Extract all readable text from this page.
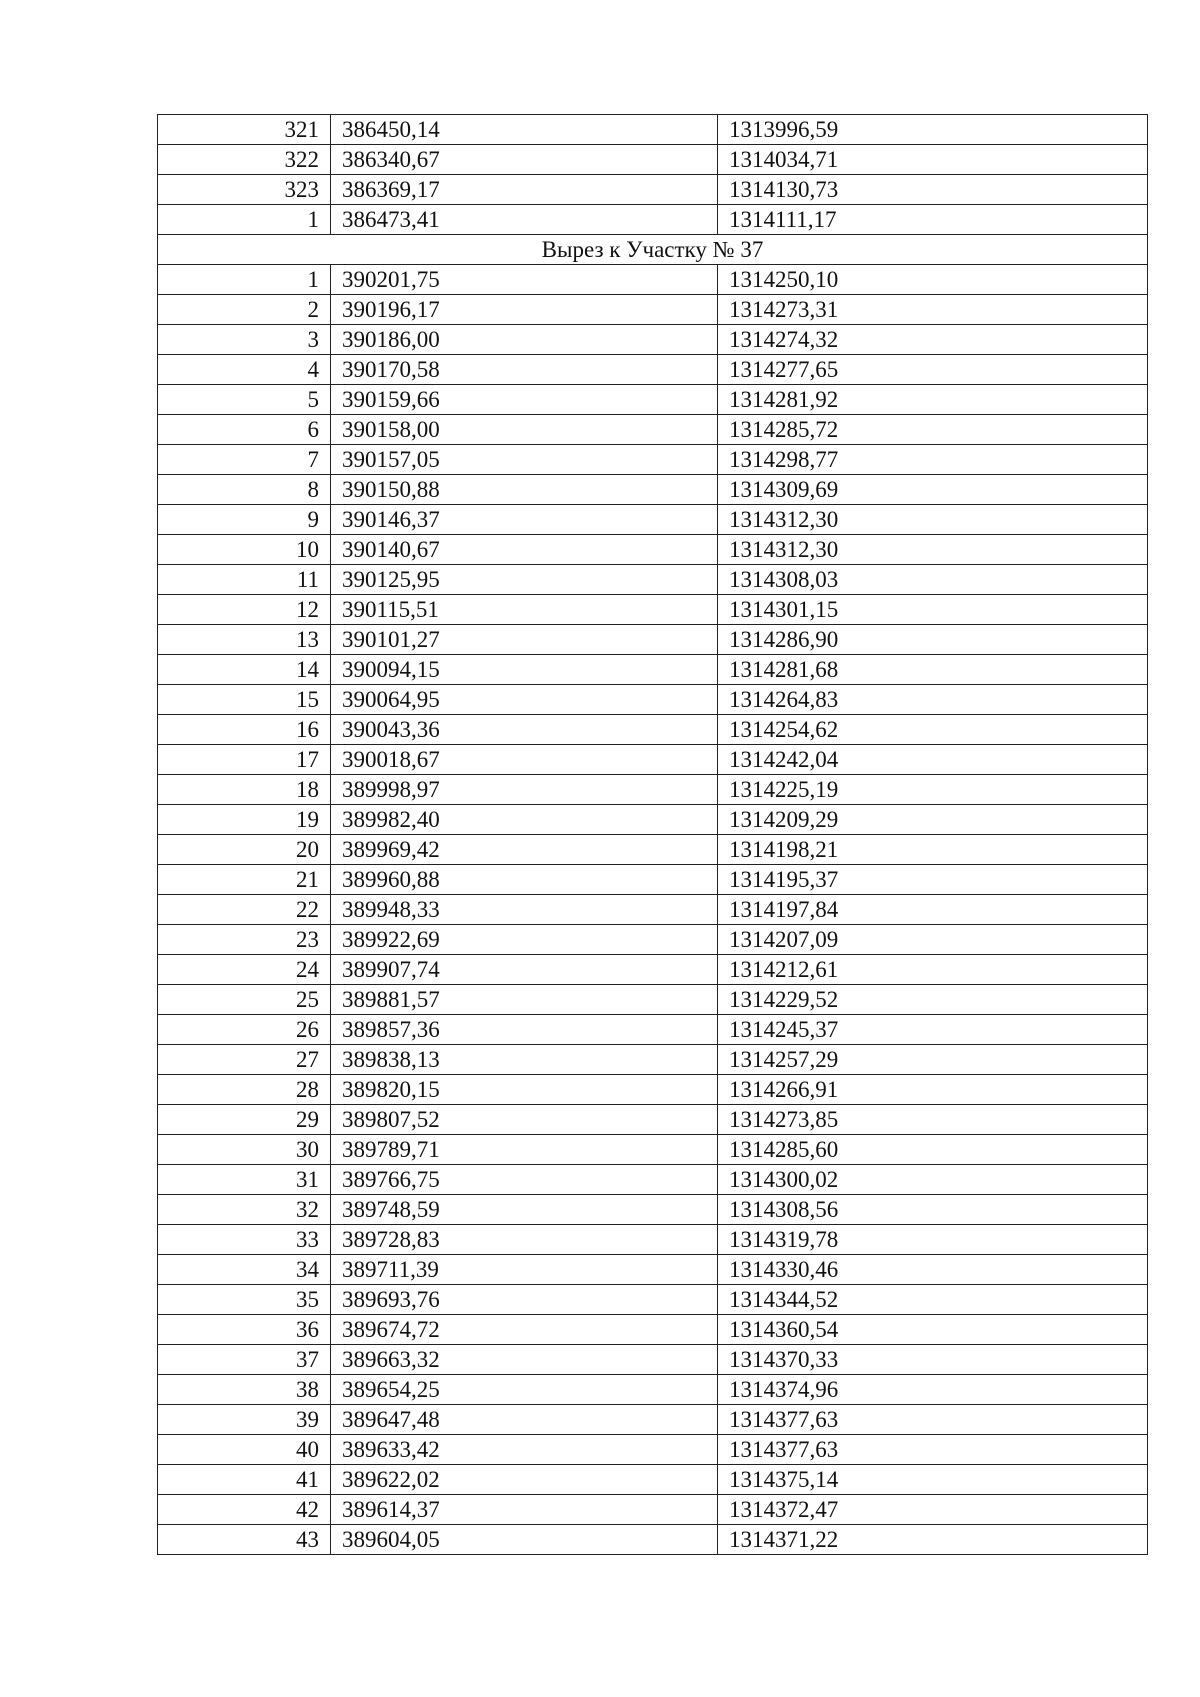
321	386450,14	1313996,59
322	386340,67	1314034,71
323	386369,17	1314130,73
1	386473,41	1314111,17
Вырез к Участку № 37		
1	390201,75	1314250,10
2	390196,17	1314273,31
3	390186,00	1314274,32
4	390170,58	1314277,65
5	390159,66	1314281,92
6	390158,00	1314285,72
7	390157,05	1314298,77
8	390150,88	1314309,69
9	390146,37	1314312,30
10	390140,67	1314312,30
11	390125,95	1314308,03
12	390115,51	1314301,15
13	390101,27	1314286,90
14	390094,15	1314281,68
15	390064,95	1314264,83
16	390043,36	1314254,62
17	390018,67	1314242,04
18	389998,97	1314225,19
19	389982,40	1314209,29
20	389969,42	1314198,21
21	389960,88	1314195,37
22	389948,33	1314197,84
23	389922,69	1314207,09
24	389907,74	1314212,61
25	389881,57	1314229,52
26	389857,36	1314245,37
27	389838,13	1314257,29
28	389820,15	1314266,91
29	389807,52	1314273,85
30	389789,71	1314285,60
31	389766,75	1314300,02
32	389748,59	1314308,56
33	389728,83	1314319,78
34	389711,39	1314330,46
35	389693,76	1314344,52
36	389674,72	1314360,54
37	389663,32	1314370,33
38	389654,25	1314374,96
39	389647,48	1314377,63
40	389633,42	1314377,63
41	389622,02	1314375,14
42	389614,37	1314372,47
43	389604,05	1314371,22
